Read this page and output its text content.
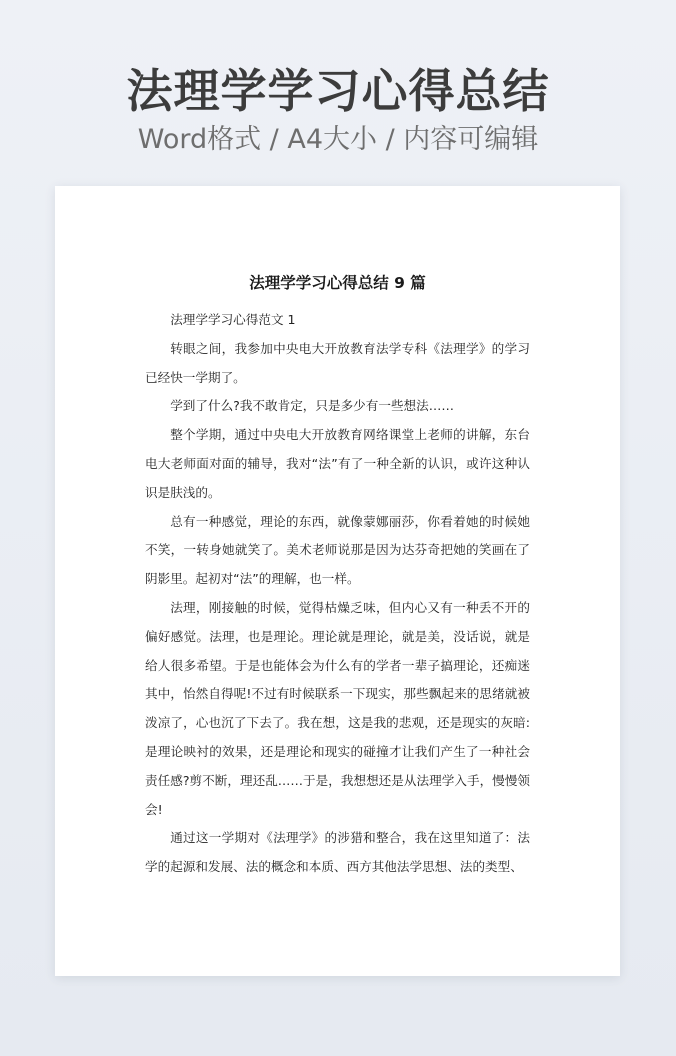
法理学学习心得总结
Word格式 / A4大小 / 内容可编辑
法理学学习心得总结 9 篇

法理学学习心得范文 1

转眼之间，我参加中央电大开放教育法学专科《法理学》的学习已经快一学期了。

学到了什么?我不敢肯定，只是多少有一些想法……

整个学期，通过中央电大开放教育网络课堂上老师的讲解，东台电大老师面对面的辅导，我对“法”有了一种全新的认识，或许这种认识是肤浅的。

总有一种感觉，理论的东西，就像蒙娜丽莎，你看着她的时候她不笑，一转身她就笑了。美术老师说那是因为达芬奇把她的笑画在了阴影里。起初对“法”的理解，也一样。

法理，刚接触的时候，觉得枯燥乏味，但内心又有一种丢不开的偏好感觉。法理，也是理论。理论就是理论，就是美，没话说，就是给人很多希望。于是也能体会为什么有的学者一辈子搞理论，还痴迷其中，怡然自得呢!不过有时候联系一下现实，那些飘起来的思绪就被泼凉了，心也沉了下去了。我在想，这是我的悲观，还是现实的灰暗:是理论映衬的效果，还是理论和现实的碰撞才让我们产生了一种社会责任感?剪不断，理还乱……于是，我想想还是从法理学入手，慢慢领会!

通过这一学期对《法理学》的涉猎和整合，我在这里知道了：法学的起源和发展、法的概念和本质、西方其他法学思想、法的类型、
